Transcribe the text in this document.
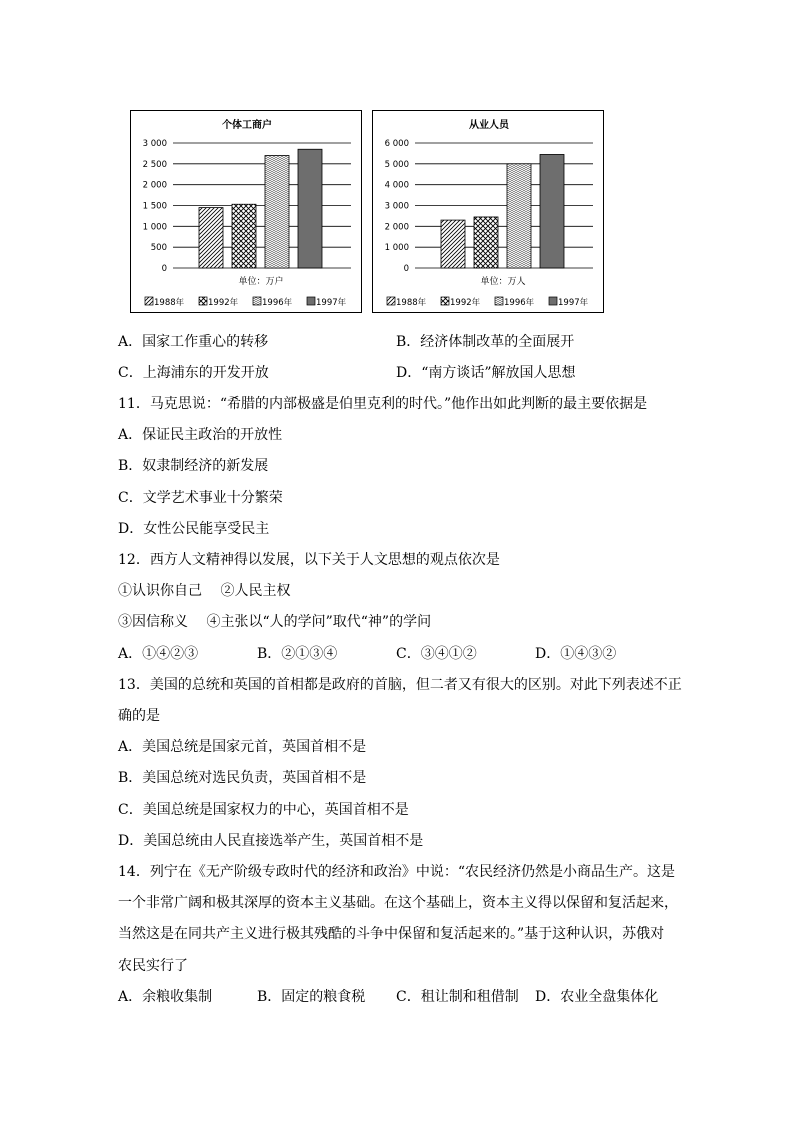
个体工商户
3 000
2 500
2 000
1 500
1 000
500
0
单位：万户
1988年	1992年	1996年	1997年
从业人员
6 000
5 000
4 000
3 000
2 000
1 000
0
单位：万人
1988年	1992年	1996年	1997年
A．国家工作重心的转移	B．经济体制改革的全面展开
C．上海浦东的开发开放	D．“南方谈话”解放国人思想
11．马克思说：“希腊的内部极盛是伯里克利的时代。”他作出如此判断的最主要依据是
A．保证民主政治的开放性
B．奴隶制经济的新发展
C．文学艺术事业十分繁荣
D．女性公民能享受民主
12．西方人文精神得以发展，以下关于人文思想的观点依次是
①认识你自己　 ②人民主权
③因信称义　 ④主张以“人的学问”取代“神”的学问
A．①④②③	B．②①③④	C．③④①②	D．①④③②
13．美国的总统和英国的首相都是政府的首脑，但二者又有很大的区别。对此下列表述不正
确的是
A．美国总统是国家元首，英国首相不是
B．美国总统对选民负责，英国首相不是
C．美国总统是国家权力的中心，英国首相不是
D．美国总统由人民直接选举产生，英国首相不是
14．列宁在《无产阶级专政时代的经济和政治》中说：“农民经济仍然是小商品生产。这是
一个非常广阔和极其深厚的资本主义基础。在这个基础上，资本主义得以保留和复活起来，
当然这是在同共产主义进行极其残酷的斗争中保留和复活起来的。”基于这种认识，苏俄对
农民实行了
A．余粮收集制	B．固定的粮食税 C．租让制和租借制 D．农业全盘集体化
